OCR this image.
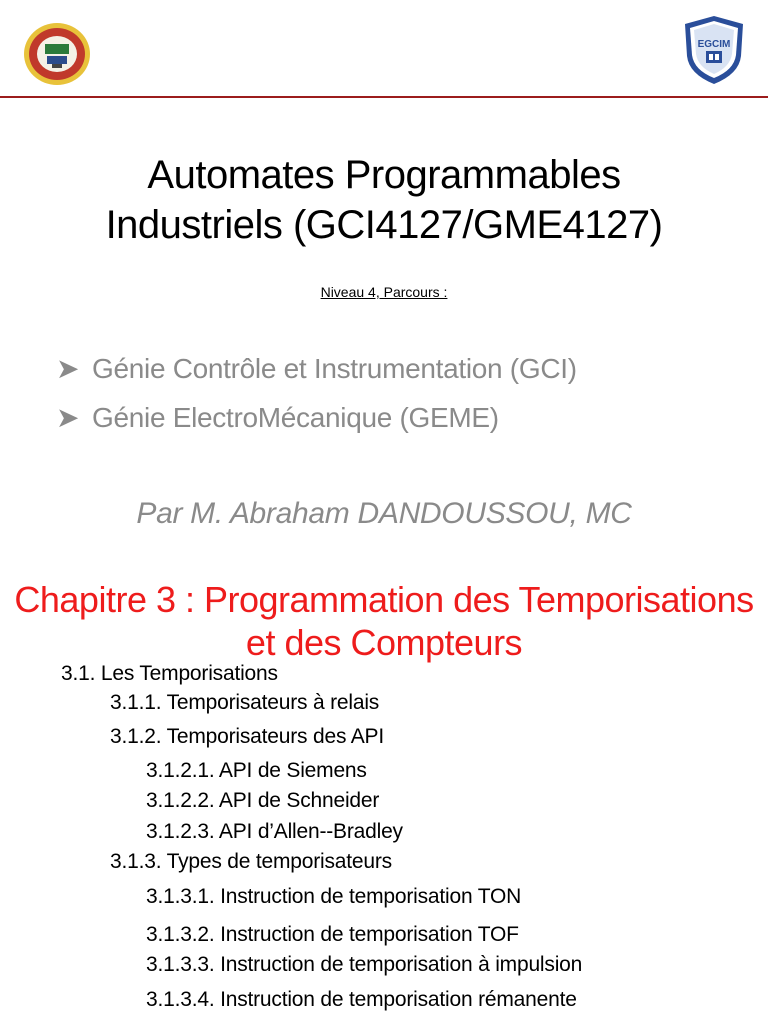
EGCIM
Automates Programmables
Industriels (GCI4127/GME4127)
Niveau 4, Parcours :
➤ Génie Contrôle et Instrumentation (GCI)
➤ Génie ElectroMécanique (GEME)
Par M. Abraham DANDOUSSOU, MC
Chapitre 3 : Programmation des Temporisations
et des Compteurs
3.1. Les Temporisations
3.1.1. Temporisateurs à relais
3.1.2. Temporisateurs des API
3.1.2.1. API de Siemens
3.1.2.2. API de Schneider
3.1.2.3. API d’Allen--Bradley
3.1.3. Types de temporisateurs
3.1.3.1. Instruction de temporisation TON
3.1.3.2. Instruction de temporisation TOF
3.1.3.3. Instruction de temporisation à impulsion
3.1.3.4. Instruction de temporisation rémanente
